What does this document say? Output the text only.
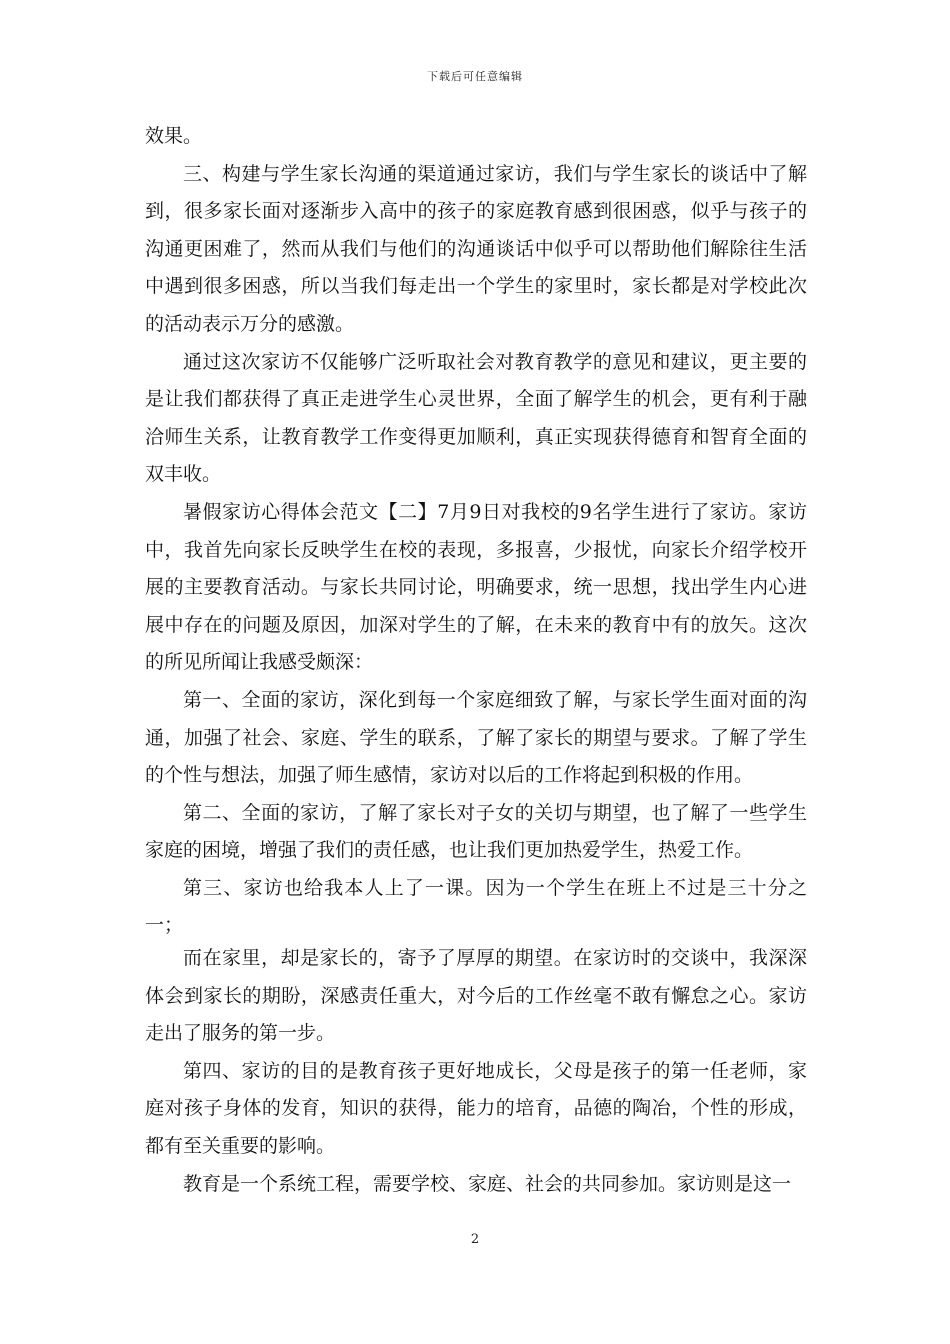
下载后可任意编辑

效果。

三、构建与学生家长沟通的渠道通过家访，我们与学生家长的谈话中了解到，很多家长面对逐渐步入高中的孩子的家庭教育感到很困惑，似乎与孩子的沟通更困难了，然而从我们与他们的沟通谈话中似乎可以帮助他们解除往生活中遇到很多困惑，所以当我们每走出一个学生的家里时，家长都是对学校此次的活动表示万分的感激。

通过这次家访不仅能够广泛听取社会对教育教学的意见和建议，更主要的是让我们都获得了真正走进学生心灵世界，全面了解学生的机会，更有利于融洽师生关系，让教育教学工作变得更加顺利，真正实现获得德育和智育全面的双丰收。

暑假家访心得体会范文【二】7月9日对我校的9名学生进行了家访。家访中，我首先向家长反映学生在校的表现，多报喜，少报忧，向家长介绍学校开展的主要教育活动。与家长共同讨论，明确要求，统一思想，找出学生内心进展中存在的问题及原因，加深对学生的了解，在未来的教育中有的放矢。这次的所见所闻让我感受颇深：

第一、全面的家访，深化到每一个家庭细致了解，与家长学生面对面的沟通，加强了社会、家庭、学生的联系，了解了家长的期望与要求。了解了学生的个性与想法，加强了师生感情，家访对以后的工作将起到积极的作用。

第二、全面的家访，了解了家长对子女的关切与期望，也了解了一些学生家庭的困境，增强了我们的责任感，也让我们更加热爱学生，热爱工作。

第三、家访也给我本人上了一课。因为一个学生在班上不过是三十分之一；

而在家里，却是家长的，寄予了厚厚的期望。在家访时的交谈中，我深深体会到家长的期盼，深感责任重大，对今后的工作丝毫不敢有懈怠之心。家访走出了服务的第一步。

第四、家访的目的是教育孩子更好地成长，父母是孩子的第一任老师，家庭对孩子身体的发育，知识的获得，能力的培育，品德的陶冶，个性的形成，都有至关重要的影响。

教育是一个系统工程，需要学校、家庭、社会的共同参加。家访则是这一

2
